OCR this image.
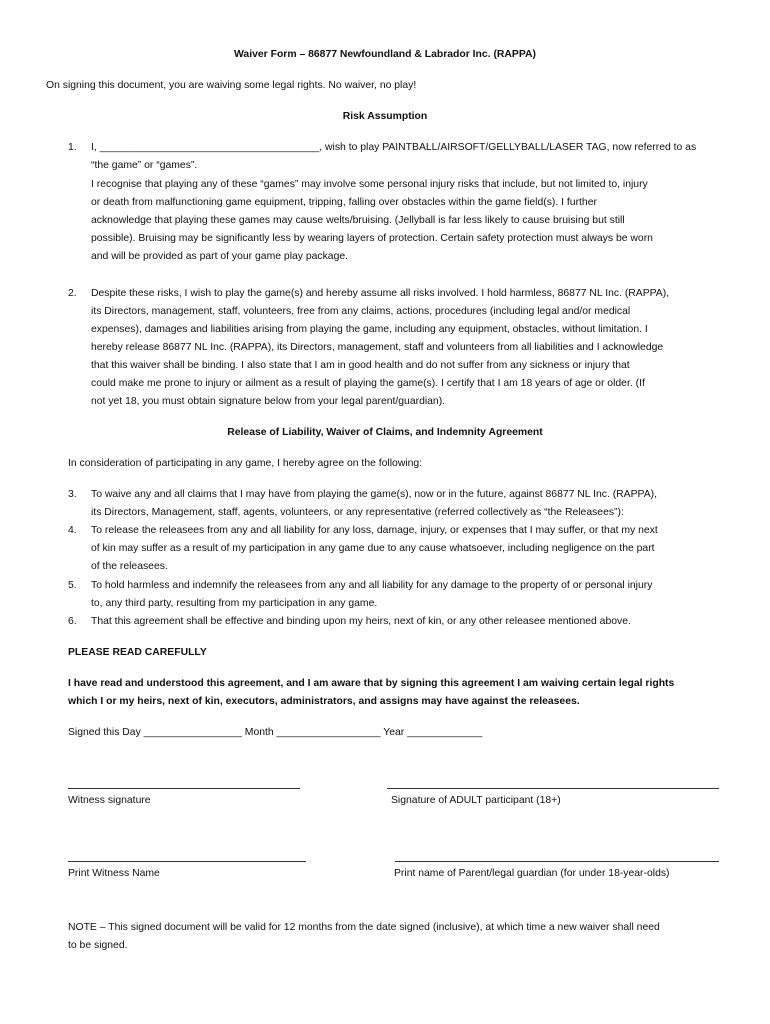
Waiver Form – 86877 Newfoundland & Labrador Inc. (RAPPA)
On signing this document, you are waiving some legal rights. No waiver, no play!
Risk Assumption
1. I, ______________________________________, wish to play PAINTBALL/AIRSOFT/GELLYBALL/LASER TAG, now referred to as
“the game” or “games”.
I recognise that playing any of these “games” may involve some personal injury risks that include, but not limited to, injury
or death from malfunctioning game equipment, tripping, falling over obstacles within the game field(s). I further
acknowledge that playing these games may cause welts/bruising. (Jellyball is far less likely to cause bruising but still
possible). Bruising may be significantly less by wearing layers of protection. Certain safety protection must always be worn
and will be provided as part of your game play package.
2. Despite these risks, I wish to play the game(s) and hereby assume all risks involved. I hold harmless, 86877 NL Inc. (RAPPA),
its Directors, management, staff, volunteers, free from any claims, actions, procedures (including legal and/or medical
expenses), damages and liabilities arising from playing the game, including any equipment, obstacles, without limitation. I
hereby release 86877 NL Inc. (RAPPA), its Directors, management, staff and volunteers from all liabilities and I acknowledge
that this waiver shall be binding. I also state that I am in good health and do not suffer from any sickness or injury that
could make me prone to injury or ailment as a result of playing the game(s). I certify that I am 18 years of age or older. (If
not yet 18, you must obtain signature below from your legal parent/guardian).
Release of Liability, Waiver of Claims, and Indemnity Agreement
In consideration of participating in any game, I hereby agree on the following:
3. To waive any and all claims that I may have from playing the game(s), now or in the future, against 86877 NL Inc. (RAPPA),
its Directors, Management, staff, agents, volunteers, or any representative (referred collectively as “the Releasees”):
4. To release the releasees from any and all liability for any loss, damage, injury, or expenses that I may suffer, or that my next
of kin may suffer as a result of my participation in any game due to any cause whatsoever, including negligence on the part
of the releasees.
5. To hold harmless and indemnify the releasees from any and all liability for any damage to the property of or personal injury
to, any third party, resulting from my participation in any game.
6. That this agreement shall be effective and binding upon my heirs, next of kin, or any other releasee mentioned above.
PLEASE READ CAREFULLY
I have read and understood this agreement, and I am aware that by signing this agreement I am waiving certain legal rights
which I or my heirs, next of kin, executors, administrators, and assigns may have against the releasees.
Signed this Day _________________ Month __________________ Year _____________
Witness signature	Signature of ADULT participant (18+)
Print Witness Name	Print name of Parent/legal guardian (for under 18-year-olds)
NOTE – This signed document will be valid for 12 months from the date signed (inclusive), at which time a new waiver shall need
to be signed.
